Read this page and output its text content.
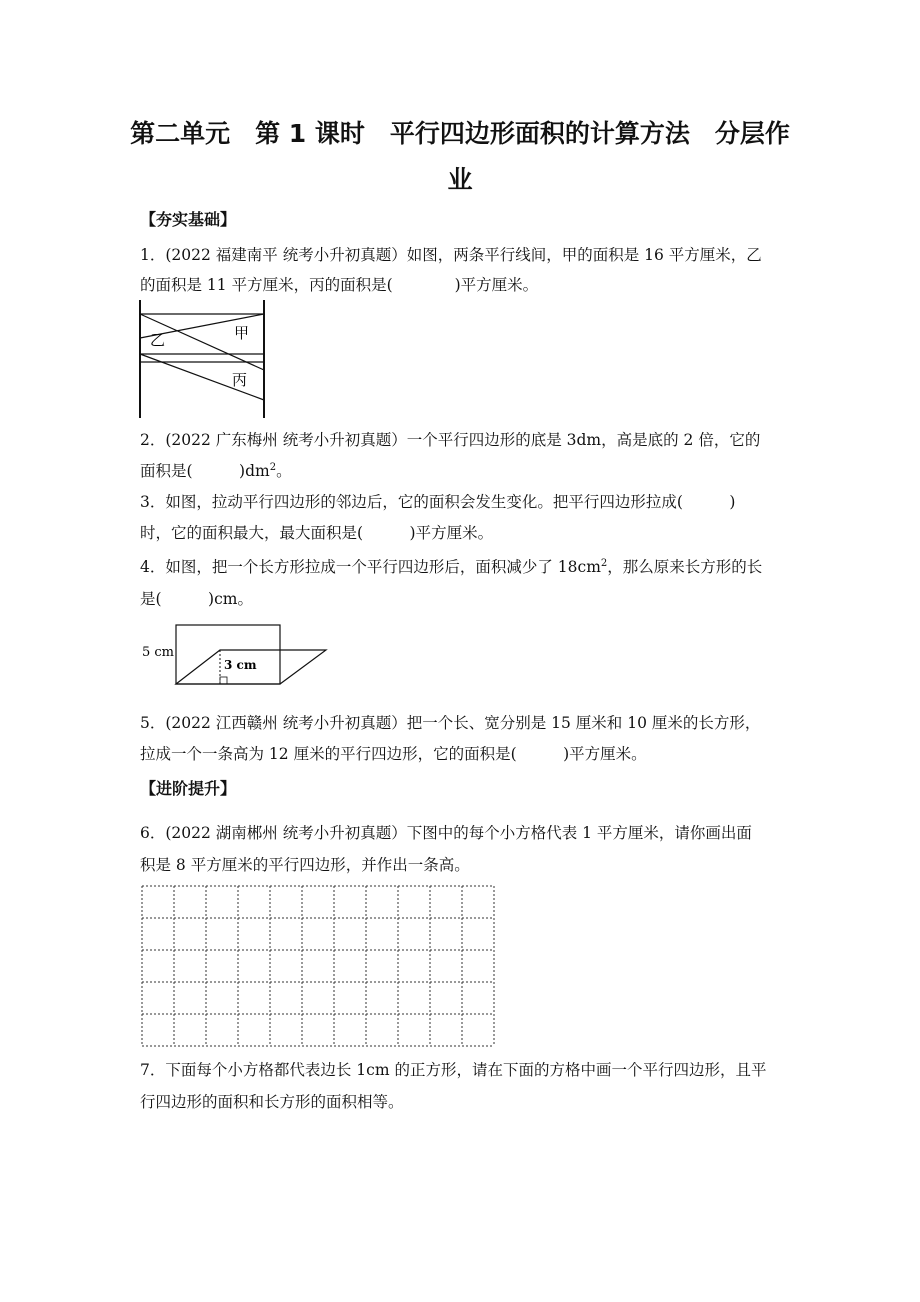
第二单元　第 1 课时　平行四边形面积的计算方法　分层作
业
【夯实基础】
1．(2022 福建南平 统考小升初真题）如图，两条平行线间，甲的面积是 16 平方厘米，乙
的面积是 11 平方厘米，丙的面积是(　　　　)平方厘米。
甲
乙
丙
2．(2022 广东梅州 统考小升初真题）一个平行四边形的底是 3dm，高是底的 2 倍，它的
面积是(　　　)$dm^2$。
3．如图，拉动平行四边形的邻边后，它的面积会发生变化。把平行四边形拉成(　　　)
时，它的面积最大，最大面积是(　　　)平方厘米。
4．如图，把一个长方形拉成一个平行四边形后，面积减少了 $18cm^2$，那么原来长方形的长
是(　　　)cm。
5 cm
3 cm
5．(2022 江西赣州 统考小升初真题）把一个长、宽分别是 15 厘米和 10 厘米的长方形，
拉成一个一条高为 12 厘米的平行四边形，它的面积是(　　　)平方厘米。
【进阶提升】
6．(2022 湖南郴州 统考小升初真题）下图中的每个小方格代表 1 平方厘米，请你画出面
积是 8 平方厘米的平行四边形，并作出一条高。
7．下面每个小方格都代表边长 1cm 的正方形，请在下面的方格中画一个平行四边形，且平
行四边形的面积和长方形的面积相等。
